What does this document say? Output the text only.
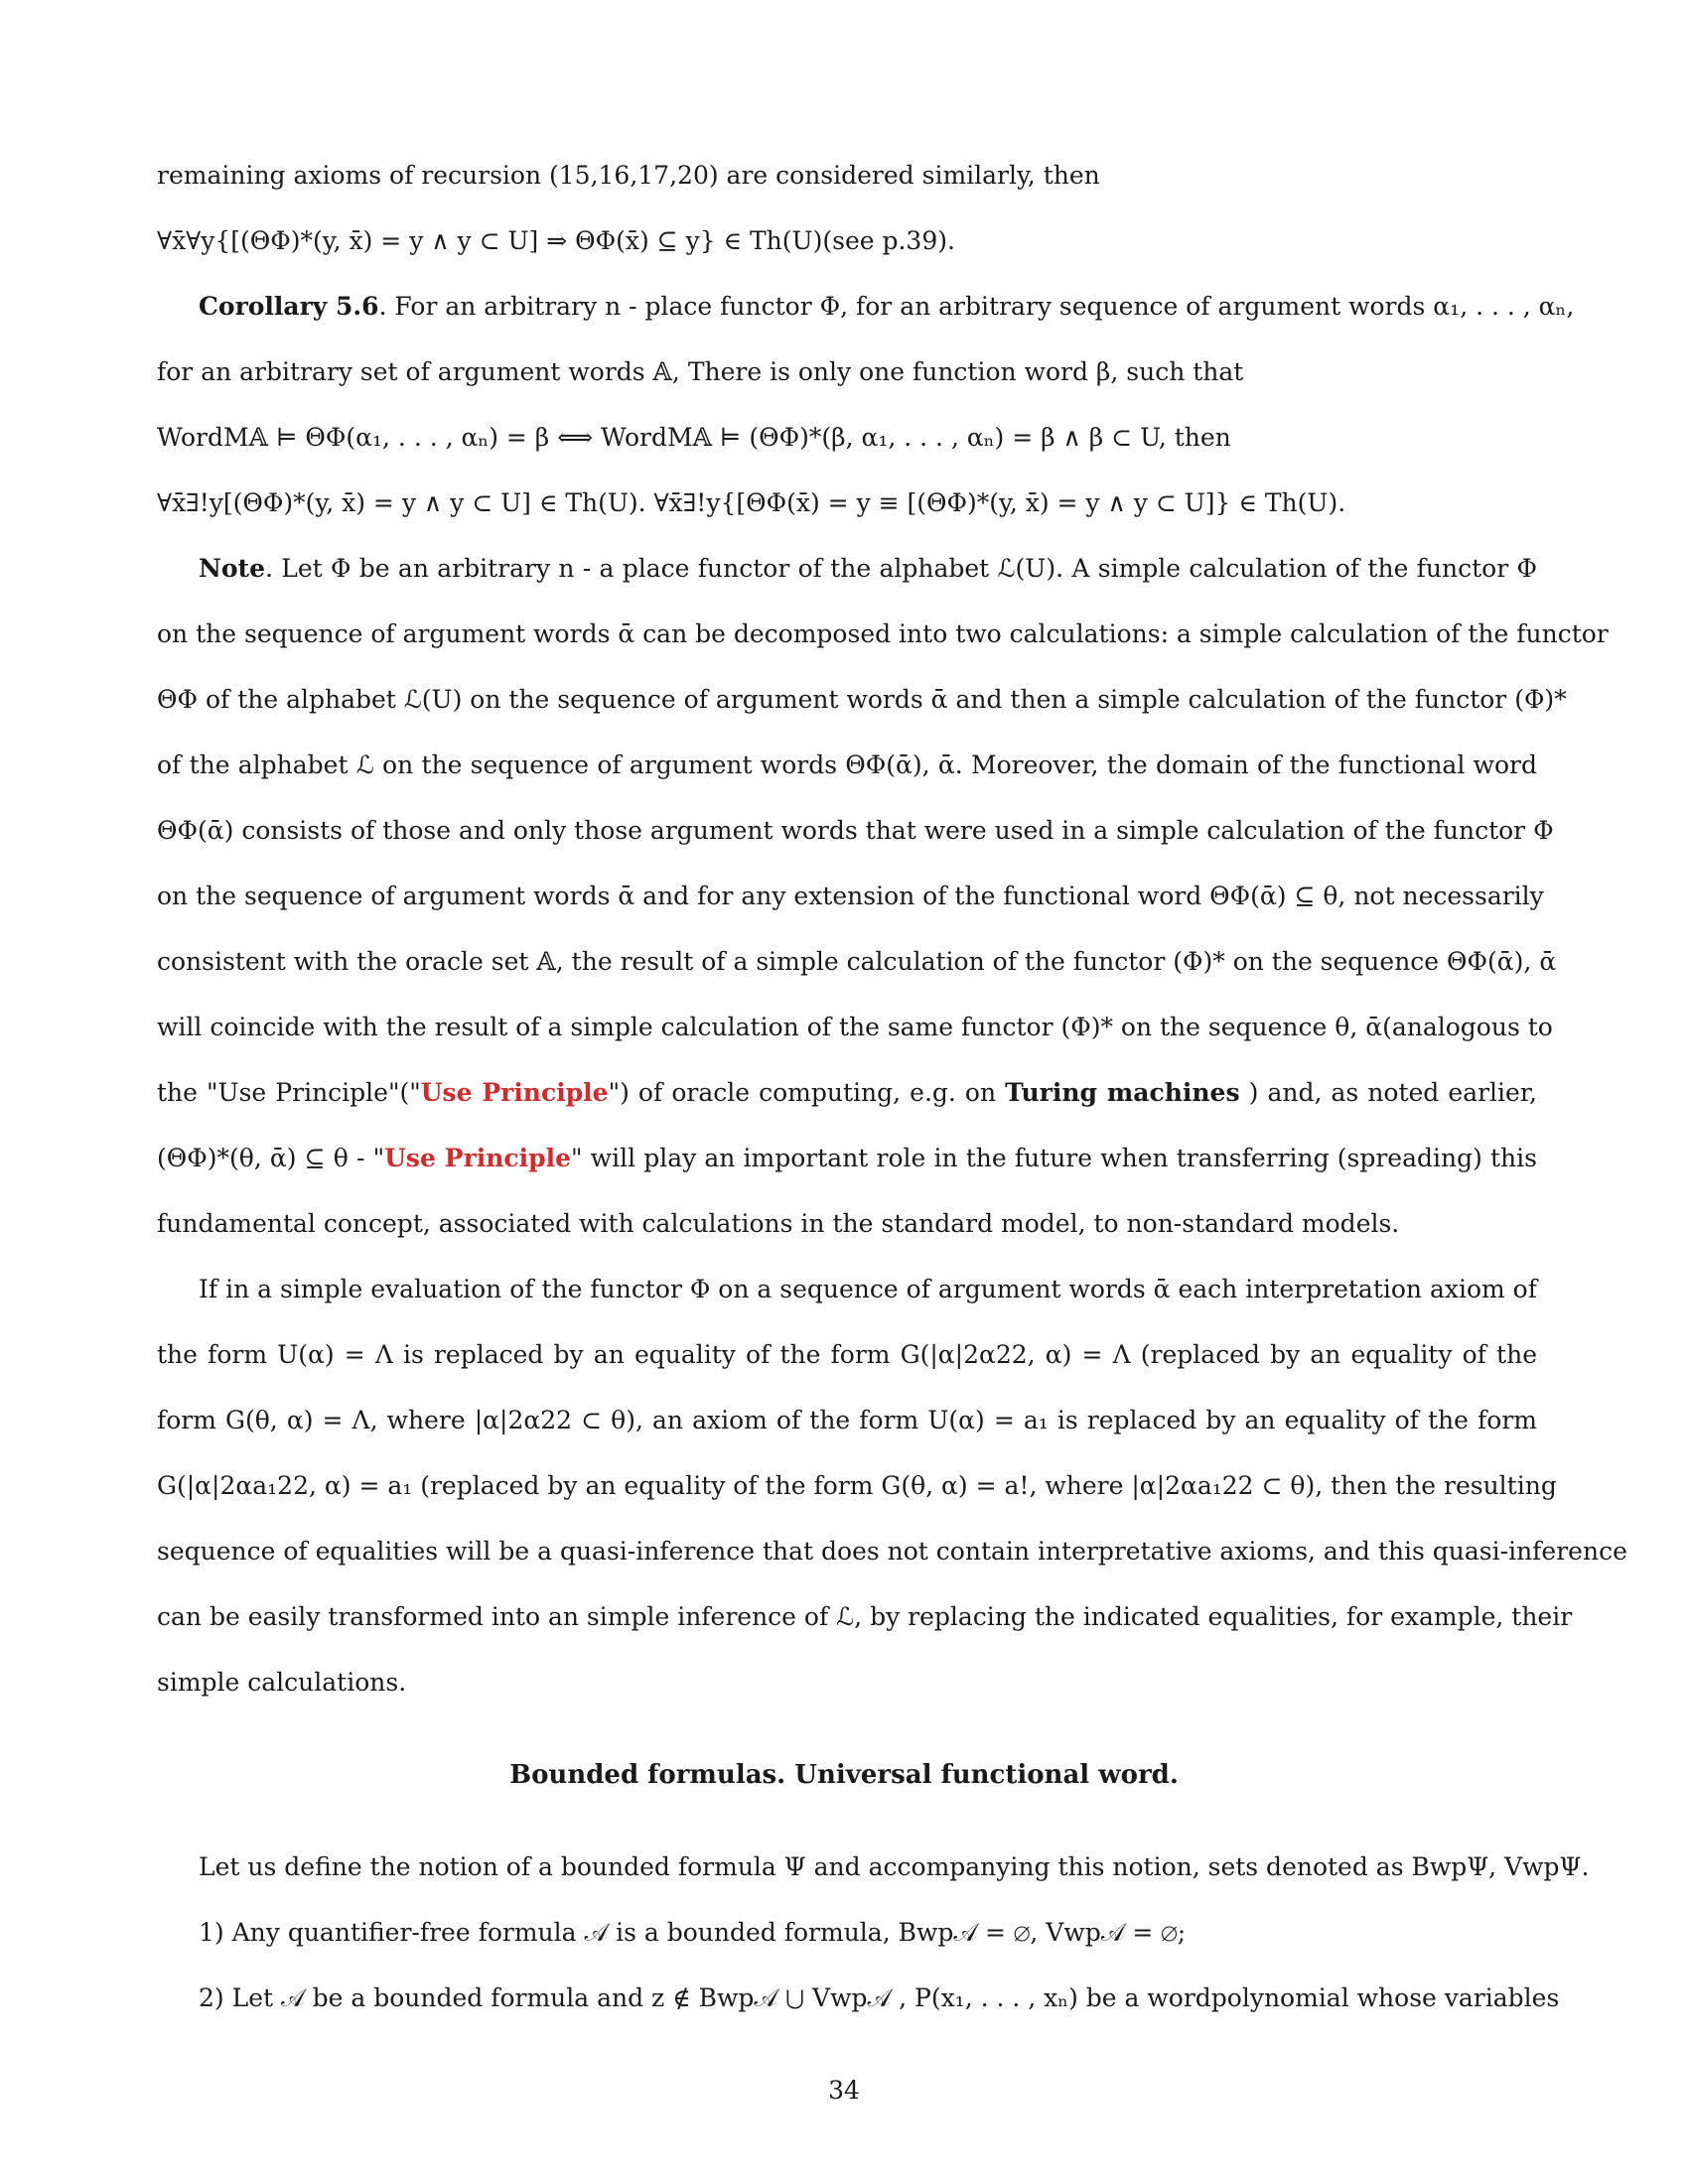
remaining axioms of recursion (15,16,17,20) are considered similarly, then
∀x̄∀y{[(ΘΦ)*(y, x̄) = y ∧ y ⊂ U] ⇒ ΘΦ(x̄) ⊆ y} ∈ Th(U)(see p.39).
Corollary 5.6. For an arbitrary n - place functor Φ, for an arbitrary sequence of argument words α₁, . . . , αₙ,
for an arbitrary set of argument words 𝔸, There is only one function word β, such that
WordM𝔸 ⊨ ΘΦ(α₁, . . . , αₙ) = β ⟺ WordM𝔸 ⊨ (ΘΦ)*(β, α₁, . . . , αₙ) = β ∧ β ⊂ U, then
∀x̄∃!y[(ΘΦ)*(y, x̄) = y ∧ y ⊂ U] ∈ Th(U). ∀x̄∃!y{[ΘΦ(x̄) = y ≡ [(ΘΦ)*(y, x̄) = y ∧ y ⊂ U]} ∈ Th(U).
Note. Let Φ be an arbitrary n - a place functor of the alphabet ℒ(U). A simple calculation of the functor Φ
on the sequence of argument words ᾱ can be decomposed into two calculations: a simple calculation of the functor
ΘΦ of the alphabet ℒ(U) on the sequence of argument words ᾱ and then a simple calculation of the functor (Φ)*
of the alphabet ℒ on the sequence of argument words ΘΦ(ᾱ), ᾱ. Moreover, the domain of the functional word
ΘΦ(ᾱ) consists of those and only those argument words that were used in a simple calculation of the functor Φ
on the sequence of argument words ᾱ and for any extension of the functional word ΘΦ(ᾱ) ⊆ θ, not necessarily
consistent with the oracle set 𝔸, the result of a simple calculation of the functor (Φ)* on the sequence ΘΦ(ᾱ), ᾱ
will coincide with the result of a simple calculation of the same functor (Φ)* on the sequence θ, ᾱ(analogous to
the "Use Principle"("Use Principle") of oracle computing, e.g. on Turing machines ) and, as noted earlier,
(ΘΦ)*(θ, ᾱ) ⊆ θ - "Use Principle" will play an important role in the future when transferring (spreading) this
fundamental concept, associated with calculations in the standard model, to non-standard models.
If in a simple evaluation of the functor Φ on a sequence of argument words ᾱ each interpretation axiom of
the form U(α) = Λ is replaced by an equality of the form G(|α|2α22, α) = Λ (replaced by an equality of the
form G(θ, α) = Λ, where |α|2α22 ⊂ θ), an axiom of the form U(α) = a₁ is replaced by an equality of the form
G(|α|2αa₁22, α) = a₁ (replaced by an equality of the form G(θ, α) = a!, where |α|2αa₁22 ⊂ θ), then the resulting
sequence of equalities will be a quasi-inference that does not contain interpretative axioms, and this quasi-inference
can be easily transformed into an simple inference of ℒ, by replacing the indicated equalities, for example, their
simple calculations.
Bounded formulas. Universal functional word.
Let us define the notion of a bounded formula Ψ and accompanying this notion, sets denoted as BwpΨ, VwpΨ.
1) Any quantifier-free formula 𝒜 is a bounded formula, Bwp𝒜 = ∅, Vwp𝒜 = ∅;
2) Let 𝒜 be a bounded formula and z ∉ Bwp𝒜 ⋃ Vwp𝒜 , P(x₁, . . . , xₙ) be a wordpolynomial whose variables
34
